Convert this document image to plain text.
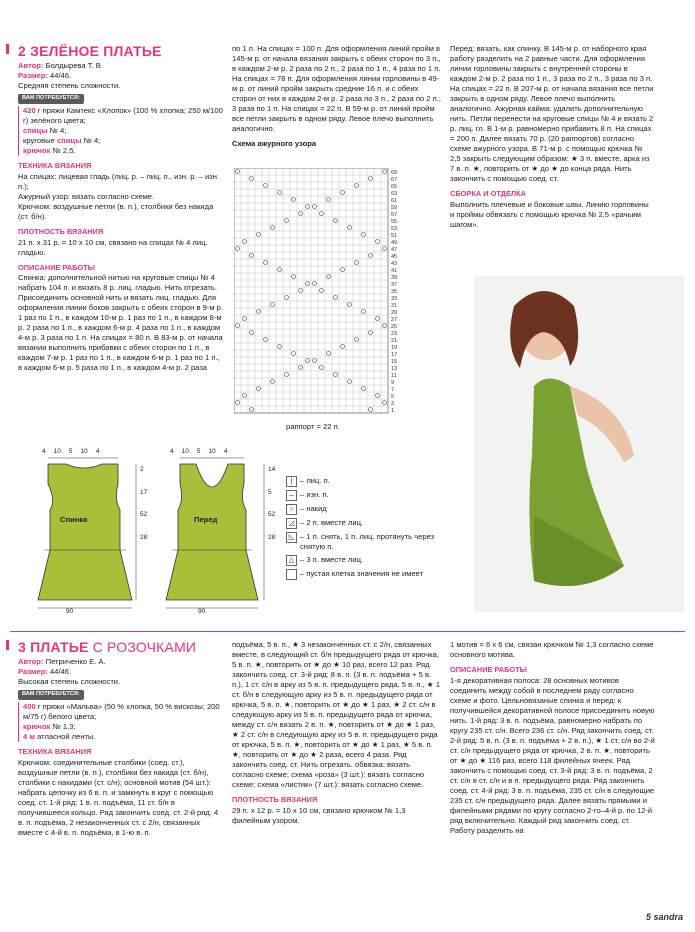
2 ЗЕЛЁНОЕ ПЛАТЬЕ
Автор: Болдырева Т. В.
Размер: 44/46.
Средняя степень сложности.
ВАМ ПОТРЕБУЕТСЯ:
420 г пряжи Камтекс «Хлопок» (100 % хлопка; 250 м/100 г) зелёного цвета;
спицы № 4;
круговые спицы № 4;
крючок № 2,5.
ТЕХНИКА ВЯЗАНИЯ

На спицах: лицевая гладь (лиц. р. – лиц. п., изн. р. – изн. п.);

Ажурный узор: вязать согласно схеме.

Крючком: воздушные петли (в. п.), столбики без накида (ст. б/н).

ПЛОТНОСТЬ ВЯЗАНИЯ

21 п. х 31 р. = 10 х 10 см, связано на спицах № 4 лиц. гладью.

ОПИСАНИЕ РАБОТЫ

Спинка: дополнительной нитью на круговые спицы № 4 набрать 104 п. и вязать 8 р. лиц. гладью. Нить отрезать. Присоединить основной нить и вязать лиц. гладью. Для оформления линии боков закрыть с обеих сторон в 9-м р. 1 раз по 1 п., в каждом 10-м р. 1 раз по 1 п., в каждом 8-м р. 2 раза по 1 п., в каждом 6-м р. 4 раза по 1 п., в каждом 4-м р. 3 раза по 1 п. На спицах = 80 п. В 83-м р. от начала вязания выполнить прибавки с обеих сторон по 1 п., в каждом 7-м р. 1 раз по 1 п., в каждом 6-м р. 1 раз по 1 п., в каждом 6-м р. 5 раза по 1 п., в каждом 4-м р. 2 раза

по 1 п. На спицах = 100 п. Для оформления линий пройм в 145-м р. от начала вязания закрыть с обеих сторон по 3 п., в каждом 2-м р. 2 раза по 2 п., 2 раза по 1 п., 4 раза по 1 п. На спицах = 78 п. Для оформления линии горловины в 49-м р. от линий пройм закрыть средние 16 п. и с обеих сторон от них в каждом 2-м р. 2 раза по 3 п., 2 раза по 2 п., 3 раза по 1 п. На спицах = 22 п. В 59-м р. от линий пройм все петли закрыть в одном ряду. Левое плечо выполнить аналогично.

Схема ажурного узора
69
67
65
63
61
59
57
55
53
51
49
47
45
43
41
39
37
35
33
31
29
27
25
23
21
19
17
15
13
11
9
7
5
3
1
раппорт = 22 п.

Перед: вязать, как спинку. В 145-м р. от наборного края работу разделить на 2 равные части. Для оформления линии горловины закрыть с внутренней стороны в каждом 2-м р. 2 раза по 1 п., 3 раза по 2 п., 3 раза по 3 п. На спицах = 22 п. В 207-м р. от начала вязания все петли закрыть в одном ряду. Левое плечо выполнить аналогично. Ажурная кайма: удалить дополнительную нить. Петли перенести на круговые спицы № 4 и вязать 2 р. лиц. гл. В 1-м р. равномерно прибавить 8 п. На спицах = 200 п. Далее вязать 70 р. (20 раппортов) согласно схеме ажурного узора. В 71-м р. с помощью крючка № 2,5 закрыть следующим образом: ★ 3 п. вместе, арка из 7 в. п. ★, повторить от ★ до ★ до конца ряда. Нить закончить с помощью соед. ст.

СБОРКА И ОТДЕЛКА

Выполнить плечевые и боковые швы. Линию горловины и проймы обвязать с помощью крючка № 2,5 «рачьим шагом».

Спинка	Перед
4 10 5 10 4	4 10 5 10 4
2
17
52
28
14
5
52
28
90	90
| – лиц. п.
– – изн. п.
○ – накид
◿ – 2 п. вместе лиц.
◺ – 1 п. снять, 1 п. лиц. протянуть через снятую п.
△ – 3 п. вместе лиц.
– пустая клетка значения не имеет
3 ПЛАТЬЕ С РОЗОЧКАМИ
Автор: Петриченко Е. А.
Размер: 44/46.
Высокая степень сложности.
ВАМ ПОТРЕБУЕТСЯ:
400 г пряжи «Мальва» (50 % хлопка, 50 % вискозы; 200 м/75 г) белого цвета;
крючок № 1,3;
4 м атласной ленты.
ТЕХНИКА ВЯЗАНИЯ

Крючком: соединительные столбики (соед. ст.), воздушные петли (в. п.), столбики без накида (ст. б/н), столбики с накидами (ст. с/н); основной мотив (54 шт.): набрать цепочку из 6 в. п. и замкнуть в круг с помощью соед. ст. 1-й ряд: 1 в. п. подъёма, 11 ст. б/н в получившееся кольцо. Ряд закончить соед. ст. 2-й ряд: 4 в. п. подъёма, 2 незаконченных ст. с 2/н, связанных вместе с 4-й в. п. подъёма, в 1-ю в. п.

подъёма, 5 в. п., ★ 3 незаконченных ст. с 2/н, связанных вместе, в следующий ст. б/н предыдущего ряда от крючка, 5 в. п. ★, повторить от ★ до ★ 10 раз, всего 12 раз. Ряд закончить соед. ст. 3-й ряд: 8 в. п. (3 в. п. подъёма + 5 в. п.), 1 ст. с/н в арку из 5 в. п. предыдущего ряда, 5 в. п., ★ 1 ст. б/н в следующую арку из 5 в. п. предыдущего ряда от крючка, 5 в. п. ★, повторить от ★ до ★ 1 раз, ★ 2 ст. с/н в следующую арку из 5 в. п. предыдущего ряда от крючка, между ст. с/н вязать 2 в. п. ★, повторить от ★ до ★ 1 раз, ★ 2 ст. с/н в следующую арку из 5 в. п. предыдущего ряда от крючка, 5 в. п. ★, повторить от ★ до ★ 1 раз, ★ 5 в. п. ★, повторить от ★ до ★ 2 раза, всего 4 раза. Ряд закончить соед. ст. Нить отрезать. обвязка: вязать согласно схеме; схема «роза» (3 шт.): вязать согласно схеме; схема «листик» (7 шт.): вязать согласно схеме.

ПЛОТНОСТЬ ВЯЗАНИЯ

29 п. х 12 р. = 10 х 10 см, связано крючком № 1,3 филейным узором.

1 мотив = 6 х 6 см, связан крючком № 1,3 согласно схеме основного мотива.

ОПИСАНИЕ РАБОТЫ

1-я декоративная полоса: 28 основных мотивов соединить между собой в последнем ряду согласно схеме и фото. Цельновязаные спинка и перед: к получившейся декоративной полосе присоединить новую нить. 1-й ряд: 3 в. п. подъёма, равномерно набрать по кругу 235 ст. с/н. Всего 236 ст. с/н. Ряд закончить соед. ст. 2-й ряд: 5 в. п. (3 в. п. подъёма + 2 в. п.), ★ 1 ст. с/н во 2-й ст. с/н предыдущего ряда от крючка, 2 в. п. ★, повторить от ★ до ★ 116 раз, всего 118 филейных ячеек. Ряд закончить с помощью соед. ст. 3-й ряд: 3 в. п. подъёма, 2 ст. с/н в ст. с/н и в п. предыдущего ряда. Ряд закончить соед. ст. 4-й ряд: 3 в. п. подъёма, 235 ст. с/н в следующие 235 ст. с/н предыдущего ряда. Далее вязать прямыми и филейными рядами по кругу согласно 2-го–4-й р. по 12-й ряд включительно. Каждый ряд закончить соед. ст. Работу разделить на

5 sandra
